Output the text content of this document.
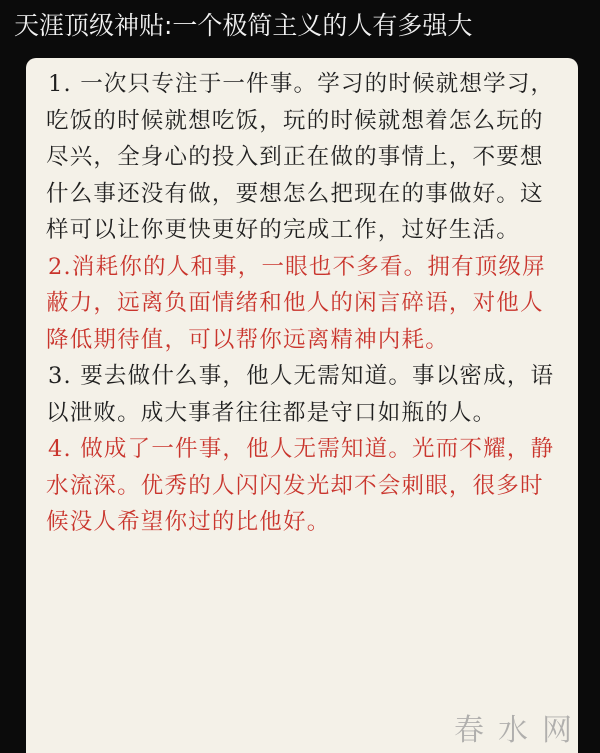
天涯顶级神贴:一个极简主义的人有多强大

1. 一次只专注于一件事。学习的时候就想学习，吃饭的时候就想吃饭，玩的时候就想着怎么玩的尽兴，全身心的投入到正在做的事情上，不要想什么事还没有做，要想怎么把现在的事做好。这样可以让你更快更好的完成工作，过好生活。

2.消耗你的人和事，一眼也不多看。拥有顶级屏蔽力，远离负面情绪和他人的闲言碎语，对他人降低期待值，可以帮你远离精神内耗。

3. 要去做什么事，他人无需知道。事以密成，语以泄败。成大事者往往都是守口如瓶的人。

4. 做成了一件事，他人无需知道。光而不耀，静水流深。优秀的人闪闪发光却不会刺眼，很多时候没人希望你过的比他好。

春水网
